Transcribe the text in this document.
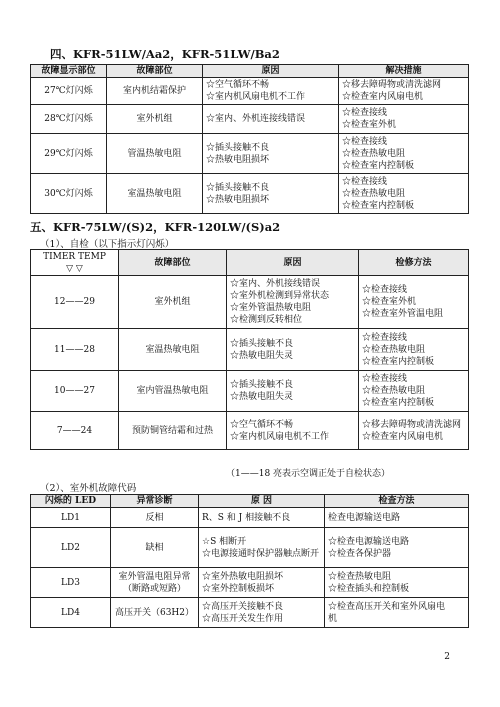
四、KFR-51LW/Aa2，KFR-51LW/Ba2
故障显示部位	故障部位	原因	解决措施
27℃灯闪烁	室内机结霜保护	☆空气循环不畅
☆室内机风扇电机不工作	☆移去障碍物或清洗滤网
☆检查室内风扇电机

28℃灯闪烁	室外机组	☆室内、外机连接线错误	☆检查接线
☆检查室外机

29℃灯闪烁	管温热敏电阻	☆插头接触不良
☆热敏电阻损坏	☆检查接线
☆检查热敏电阻
☆检查室内控制板

30℃灯闪烁	室温热敏电阻	☆插头接触不良
☆热敏电阻损坏	☆检查接线
☆检查热敏电阻
☆检查室内控制板
五、KFR-75LW/(S)2，KFR-120LW/(S)a2
（1）、自检（以下指示灯闪烁）
TIMER TEMP
▽ ▽	故障部位	原因	检修方法
12——29	室外机组	☆室内、外机接线错误
☆室外机检测到异常状态
☆室外管温热敏电阻
☆检测到反转相位	☆检查接线
☆检查室外机
☆检查室外管温电阻

11——28	室温热敏电阻	☆插头接触不良
☆热敏电阻失灵	☆检查接线
☆检查热敏电阻
☆检查室内控制板

10——27	室内管温热敏电阻	☆插头接触不良
☆热敏电阻失灵	☆检查接线
☆检查热敏电阻
☆检查室内控制板

7——24	预防铜管结霜和过热	☆空气循环不畅
☆室内机风扇电机不工作	☆移去障碍物或清洗滤网
☆检查室内风扇电机
（1——18 亮表示空调正处于自检状态）
（2）、室外机故障代码
闪烁的 LED	异常诊断	原 因	检查方法
LD1	反相	R、S 和 J 相接触不良	检查电源输送电路
LD2	缺相	☆S 相断开
☆电源接通时保护器触点断开	☆检查电源输送电路
☆检查各保护器

LD3	室外管温电阻异常
（断路或短路）	☆室外热敏电阻损坏
☆室外控制板损坏	☆检查热敏电阻
☆检查插头和控制板

LD4	高压开关（63H2）	☆高压开关接触不良
☆高压开关发生作用	☆检查高压开关和室外风扇电
机
2
